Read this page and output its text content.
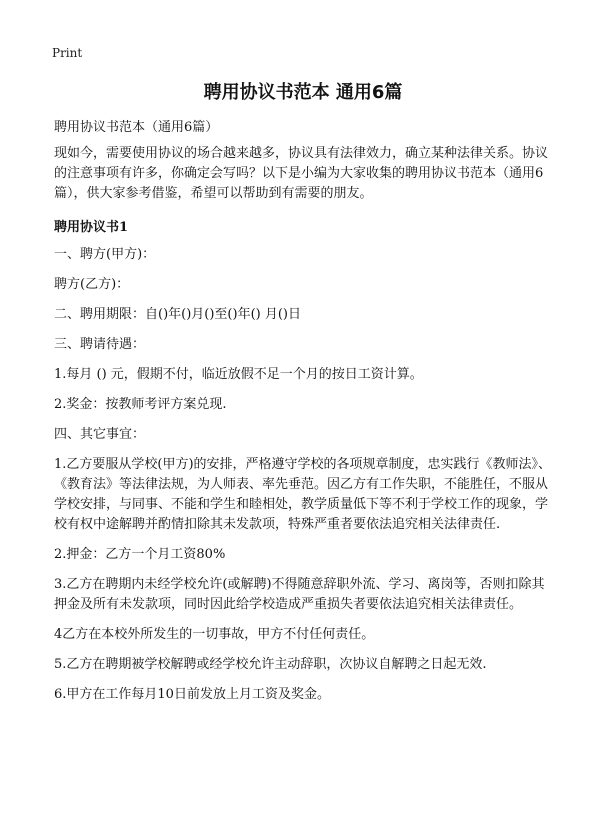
Print
聘用协议书范本 通用6篇

聘用协议书范本（通用6篇）

现如今，需要使用协议的场合越来越多，协议具有法律效力，确立某种法律关系。协议的注意事项有许多，你确定会写吗？以下是小编为大家收集的聘用协议书范本（通用6篇），供大家参考借鉴，希望可以帮助到有需要的朋友。

聘用协议书1

一、聘方(甲方)：

聘方(乙方)：

二、聘用期限：自()年()月()至()年() 月()日

三、聘请待遇：

1.每月 () 元，假期不付，临近放假不足一个月的按日工资计算。

2.奖金：按教师考评方案兑现.

四、其它事宜：

1.乙方要服从学校(甲方)的安排，严格遵守学校的各项规章制度，忠实践行《教师法》、《教育法》等法律法规，为人师表、率先垂范。因乙方有工作失职，不能胜任，不服从学校安排，与同事、不能和学生和睦相处，教学质量低下等不利于学校工作的现象，学校有权中途解聘并酌情扣除其未发款项，特殊严重者要依法追究相关法律责任.

2.押金：乙方一个月工资80%

3.乙方在聘期内未经学校允许(或解聘)不得随意辞职外流、学习、离岗等，否则扣除其押金及所有未发款项，同时因此给学校造成严重损失者要依法追究相关法律责任。

4乙方在本校外所发生的一切事故，甲方不付任何责任。

5.乙方在聘期被学校解聘或经学校允许主动辞职，次协议自解聘之日起无效.

6.甲方在工作每月10日前发放上月工资及奖金。
